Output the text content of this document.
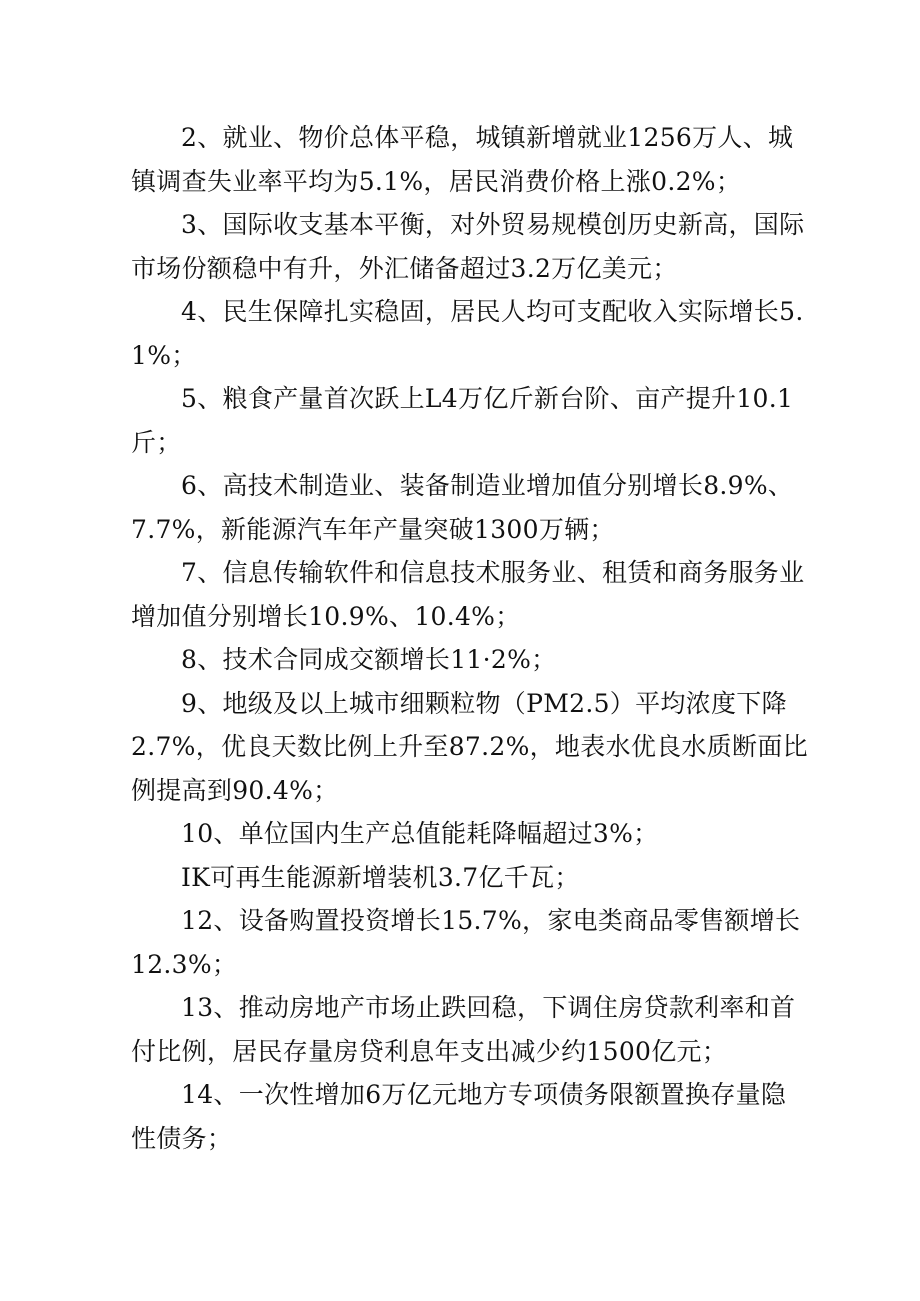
2、就业、物价总体平稳，城镇新增就业1256万人、城镇调查失业率平均为5.1%，居民消费价格上涨0.2%；

3、国际收支基本平衡，对外贸易规模创历史新高，国际市场份额稳中有升，外汇储备超过3.2万亿美元；

4、民生保障扎实稳固，居民人均可支配收入实际增长5.1%；

5、粮食产量首次跃上L4万亿斤新台阶、亩产提升10.1斤；

6、高技术制造业、装备制造业增加值分别增长8.9%、7.7%，新能源汽车年产量突破1300万辆；

7、信息传输软件和信息技术服务业、租赁和商务服务业增加值分别增长10.9%、10.4%；

8、技术合同成交额增长11·2%；

9、地级及以上城市细颗粒物（PM2.5）平均浓度下降2.7%，优良天数比例上升至87.2%，地表水优良水质断面比例提高到90.4%；

10、单位国内生产总值能耗降幅超过3%；

IK可再生能源新增装机3.7亿千瓦；

12、设备购置投资增长15.7%，家电类商品零售额增长12.3%；

13、推动房地产市场止跌回稳，下调住房贷款利率和首付比例，居民存量房贷利息年支出减少约1500亿元；

14、一次性增加6万亿元地方专项债务限额置换存量隐性债务；
